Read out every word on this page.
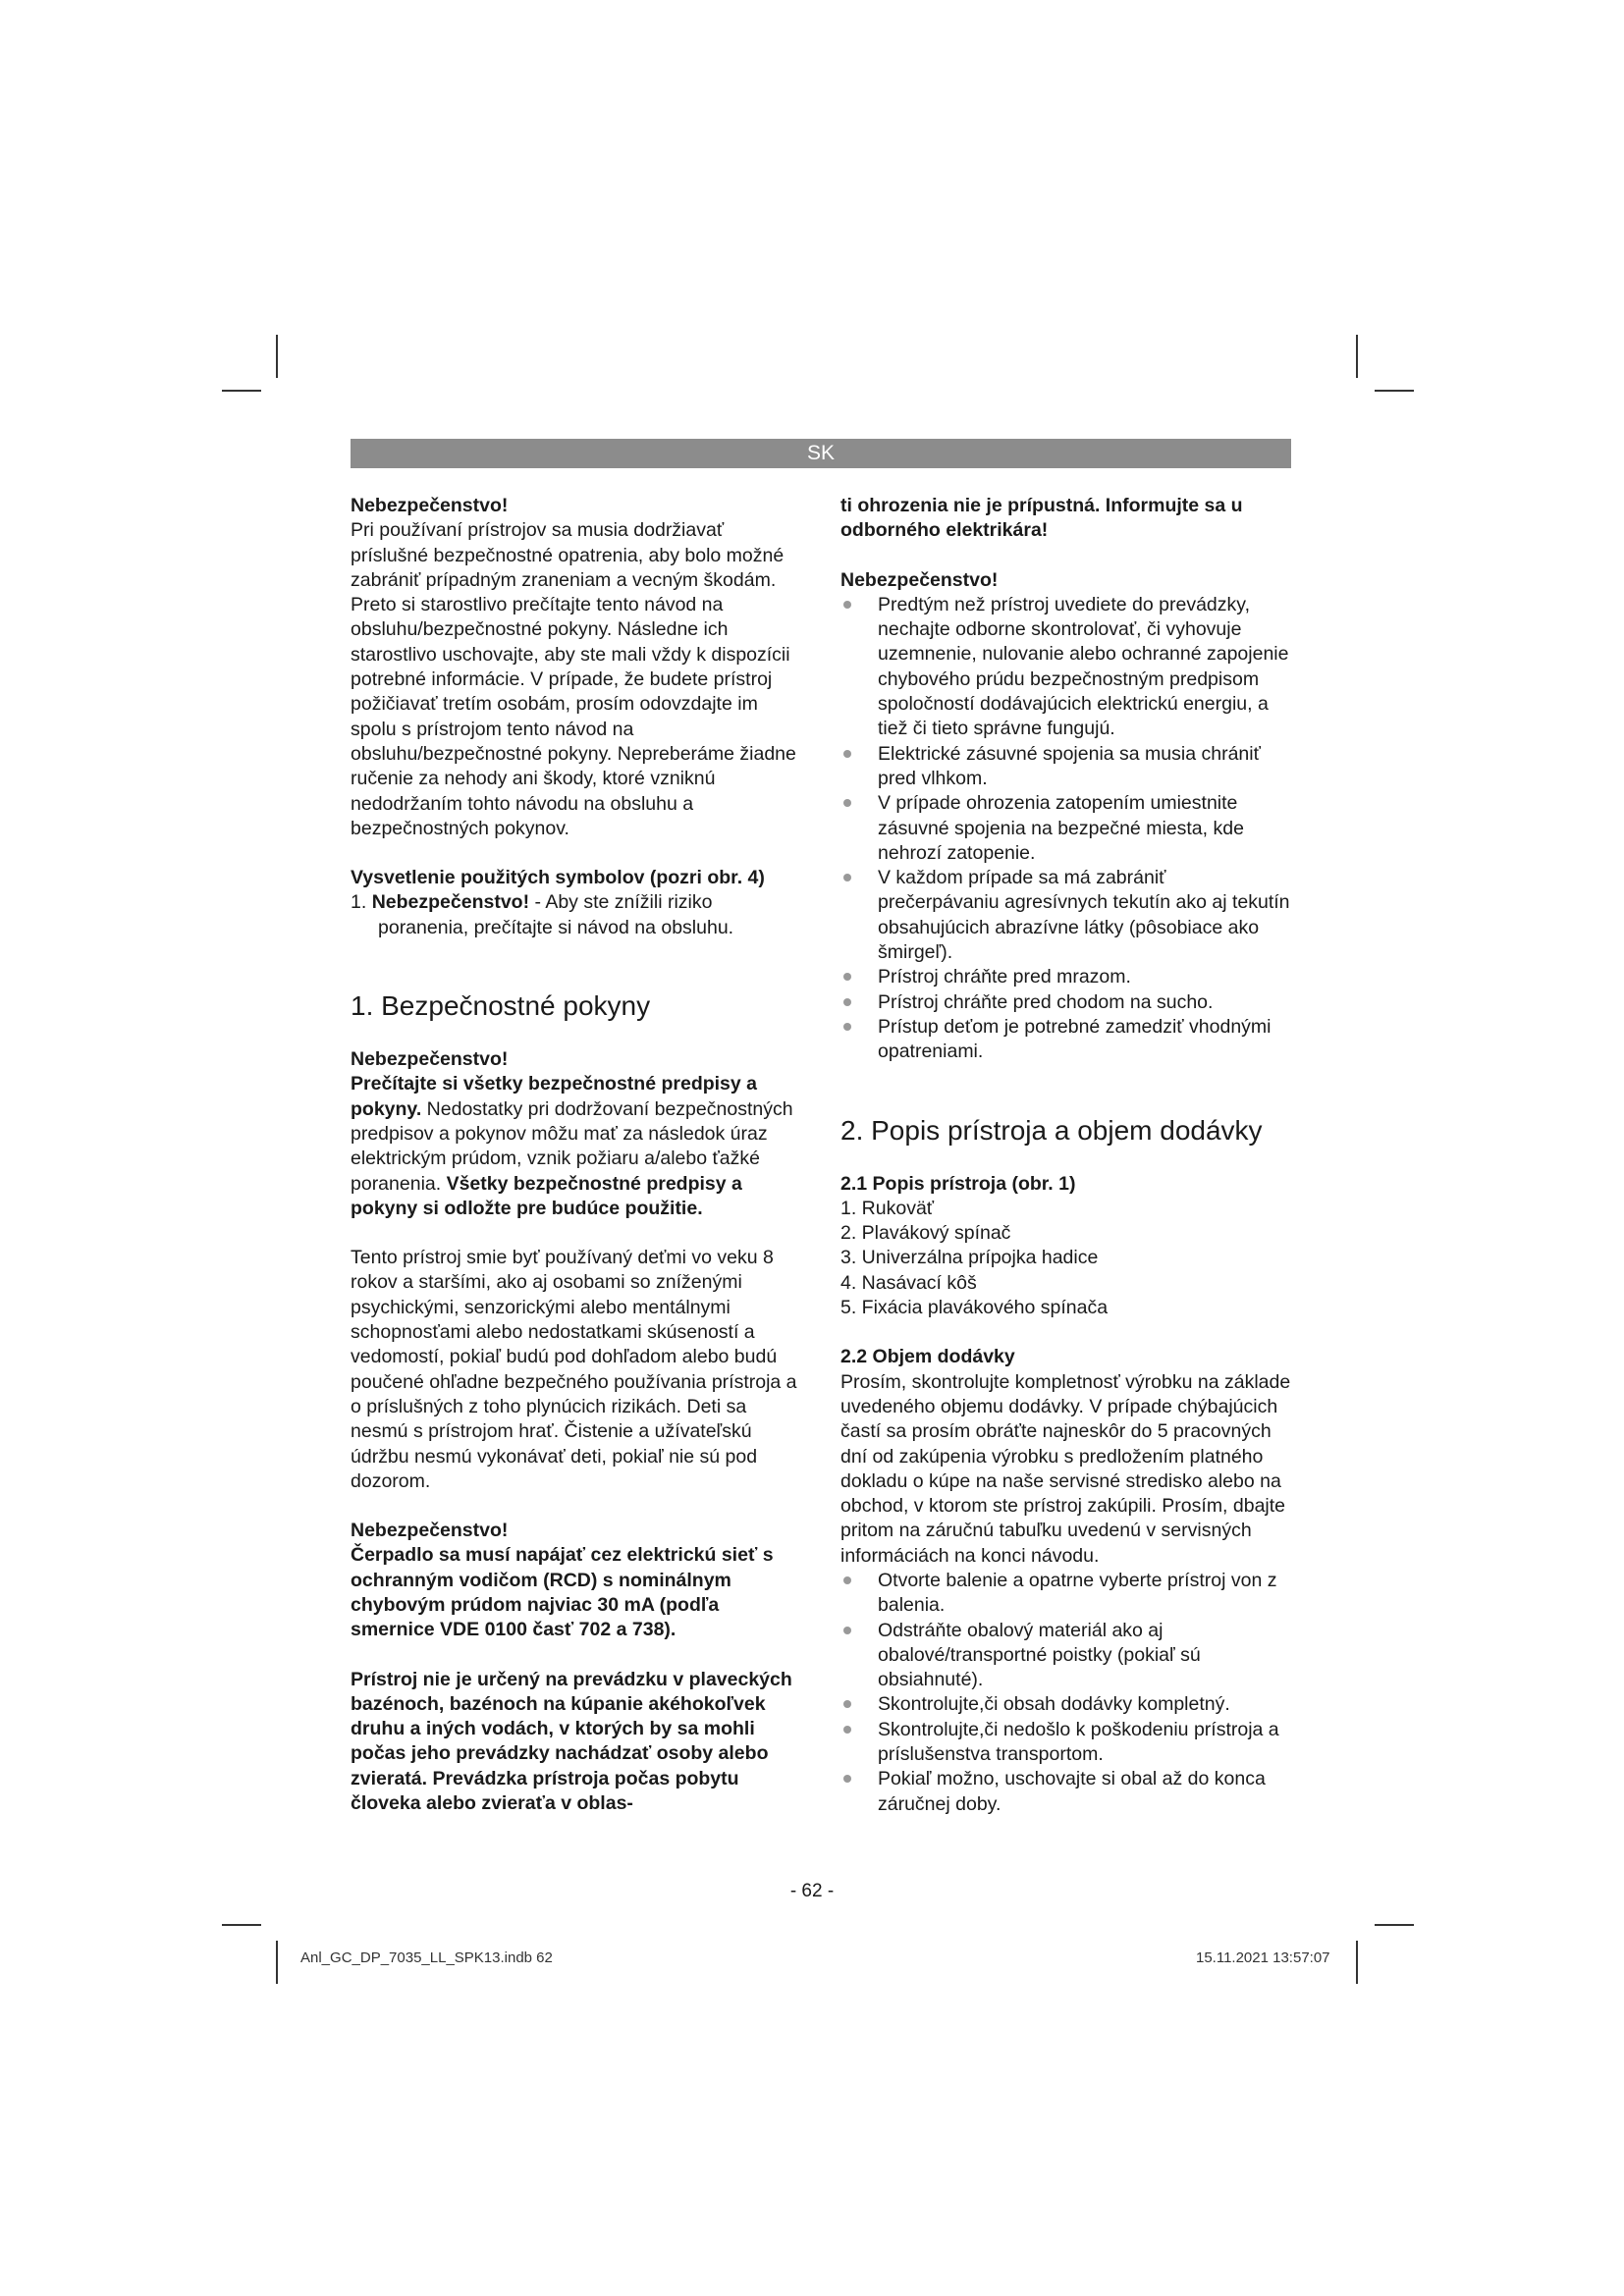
SK

Nebezpečenstvo!

Pri používaní prístrojov sa musia dodržiavať príslušné bezpečnostné opatrenia, aby bolo možné zabrániť prípadným zraneniam a vecným škodám. Preto si starostlivo prečítajte tento návod na obsluhu/bezpečnostné pokyny. Následne ich starostlivo uschovajte, aby ste mali vždy k dispozícii potrebné informácie. V prípade, že budete prístroj požičiavať tretím osobám, prosím odovzdajte im spolu s prístrojom tento návod na obsluhu/bezpečnostné pokyny. Nepreberáme žiadne ručenie za nehody ani škody, ktoré vzniknú nedodržaním tohto návodu na obsluhu a bezpečnostných pokynov.

Vysvetlenie použitých symbolov (pozri obr. 4)

1. Nebezpečenstvo! - Aby ste znížili riziko poranenia, prečítajte si návod na obsluhu.
1. Bezpečnostné pokyny

Nebezpečenstvo!

Prečítajte si všetky bezpečnostné predpisy a pokyny. Nedostatky pri dodržovaní bezpečnostných predpisov a pokynov môžu mať za následok úraz elektrickým prúdom, vznik požiaru a/alebo ťažké poranenia. Všetky bezpečnostné predpisy a pokyny si odložte pre budúce použitie.

Tento prístroj smie byť používaný deťmi vo veku 8 rokov a staršími, ako aj osobami so zníženými psychickými, senzorickými alebo mentálnymi schopnosťami alebo nedostatkami skúseností a vedomostí, pokiaľ budú pod dohľadom alebo budú poučené ohľadne bezpečného používania prístroja a o príslušných z toho plynúcich rizikách. Deti sa nesmú s prístrojom hrať. Čistenie a užívateľskú údržbu nesmú vykonávať deti, pokiaľ nie sú pod dozorom.

Nebezpečenstvo!

Čerpadlo sa musí napájať cez elektrickú sieť s ochranným vodičom (RCD) s nominálnym chybovým prúdom najviac 30 mA (podľa smernice VDE 0100 časť 702 a 738).

Prístroj nie je určený na prevádzku v plaveckých bazénoch, bazénoch na kúpanie akéhokoľvek druhu a iných vodách, v ktorých by sa mohli počas jeho prevádzky nachádzať osoby alebo zvieratá. Prevádzka prístroja počas pobytu človeka alebo zvieraťa v oblas-

ti ohrozenia nie je prípustná. Informujte sa u odborného elektrikára!

Nebezpečenstvo!

Predtým než prístroj uvediete do prevádzky, nechajte odborne skontrolovať, či vyhovuje uzemnenie, nulovanie alebo ochranné zapojenie chybového prúdu bezpečnostným predpisom spoločností dodávajúcich elektrickú energiu, a tiež či tieto správne fungujú.
Elektrické zásuvné spojenia sa musia chrániť pred vlhkom.
V prípade ohrozenia zatopením umiestnite zásuvné spojenia na bezpečné miesta, kde nehrozí zatopenie.
V každom prípade sa má zabrániť prečerpávaniu agresívnych tekutín ako aj tekutín obsahujúcich abrazívne látky (pôsobiace ako šmirgeľ).
Prístroj chráňte pred mrazom.
Prístroj chráňte pred chodom na sucho.
Prístup deťom je potrebné zamedziť vhodnými opatreniami.
2. Popis prístroja a objem dodávky

2.1 Popis prístroja (obr. 1)

1. Rukoväť

2. Plavákový spínač

3. Univerzálna prípojka hadice

4. Nasávací kôš

5. Fixácia plavákového spínača

2.2 Objem dodávky

Prosím, skontrolujte kompletnosť výrobku na základe uvedeného objemu dodávky. V prípade chýbajúcich častí sa prosím obráťte najneskôr do 5 pracovných dní od zakúpenia výrobku s predložením platného dokladu o kúpe na naše servisné stredisko alebo na obchod, v ktorom ste prístroj zakúpili. Prosím, dbajte pritom na záručnú tabuľku uvedenú v servisných informáciách na konci návodu.

Otvorte balenie a opatrne vyberte prístroj von z balenia.
Odstráňte obalový materiál ako aj obalové/transportné poistky (pokiaľ sú obsiahnuté).
Skontrolujte,či obsah dodávky kompletný.
Skontrolujte,či nedošlo k poškodeniu prístroja a príslušenstva transportom.
Pokiaľ možno, uschovajte si obal až do konca záručnej doby.
- 62 -
Anl_GC_DP_7035_LL_SPK13.indb 62	15.11.2021 13:57:07
